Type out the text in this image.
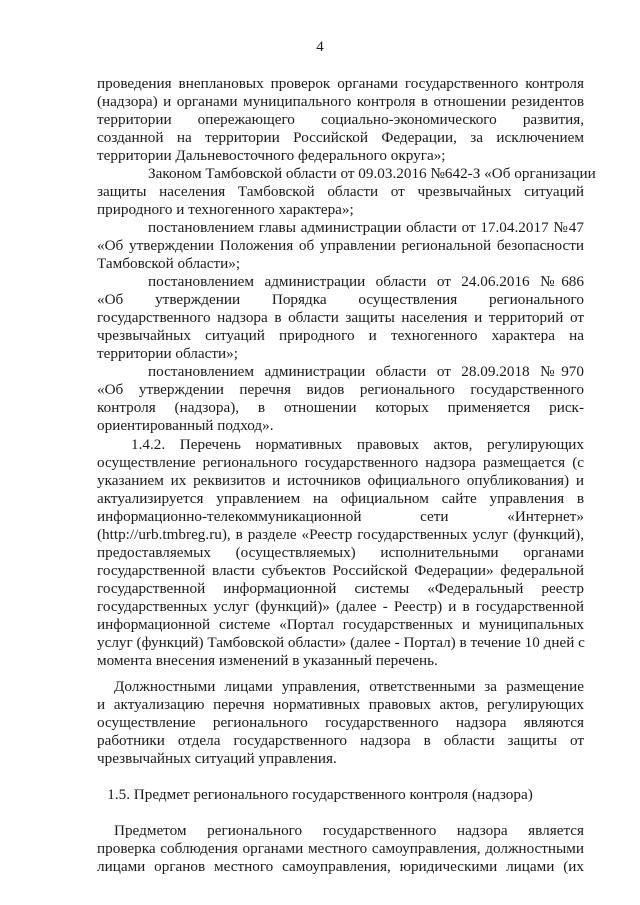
4
проведения внеплановых проверок органами государственного контроля
(надзора) и органами муниципального контроля в отношении резидентов
территории опережающего социально-экономического развития,
созданной на территории Российской Федерации, за исключением
территории Дальневосточного федерального округа»;
Законом Тамбовской области от 09.03.2016 №642-З «Об организации
защиты населения Тамбовской области от чрезвычайных ситуаций
природного и техногенного характера»;
постановлением главы администрации области от 17.04.2017 №47
«Об утверждении Положения об управлении региональной безопасности
Тамбовской области»;
постановлением администрации области от 24.06.2016 №686
«Об утверждении Порядка осуществления регионального
государственного надзора в области защиты населения и территорий от
чрезвычайных ситуаций природного и техногенного характера на
территории области»;
постановлением администрации области от 28.09.2018 №970
«Об утверждении перечня видов регионального государственного
контроля (надзора), в отношении которых применяется риск-
ориентированный подход».
1.4.2. Перечень нормативных правовых актов, регулирующих
осуществление регионального государственного надзора размещается (с
указанием их реквизитов и источников официального опубликования) и
актуализируется управлением на официальном сайте управления в
информационно-телекоммуникационной сети «Интернет»
(http://urb.tmbreg.ru), в разделе «Реестр государственных услуг (функций),
предоставляемых (осуществляемых) исполнительными органами
государственной власти субъектов Российской Федерации» федеральной
государственной информационной системы «Федеральный реестр
государственных услуг (функций)» (далее - Реестр) и в государственной
информационной системе «Портал государственных и муниципальных
услуг (функций) Тамбовской области» (далее - Портал) в течение 10 дней с
момента внесения изменений в указанный перечень.
Должностными лицами управления, ответственными за размещение
и актуализацию перечня нормативных правовых актов, регулирующих
осуществление регионального государственного надзора являются
работники отдела государственного надзора в области защиты от
чрезвычайных ситуаций управления.
1.5. Предмет регионального государственного контроля (надзора)
Предметом регионального государственного надзора является
проверка соблюдения органами местного самоуправления, должностными
лицами органов местного самоуправления, юридическими лицами (их
